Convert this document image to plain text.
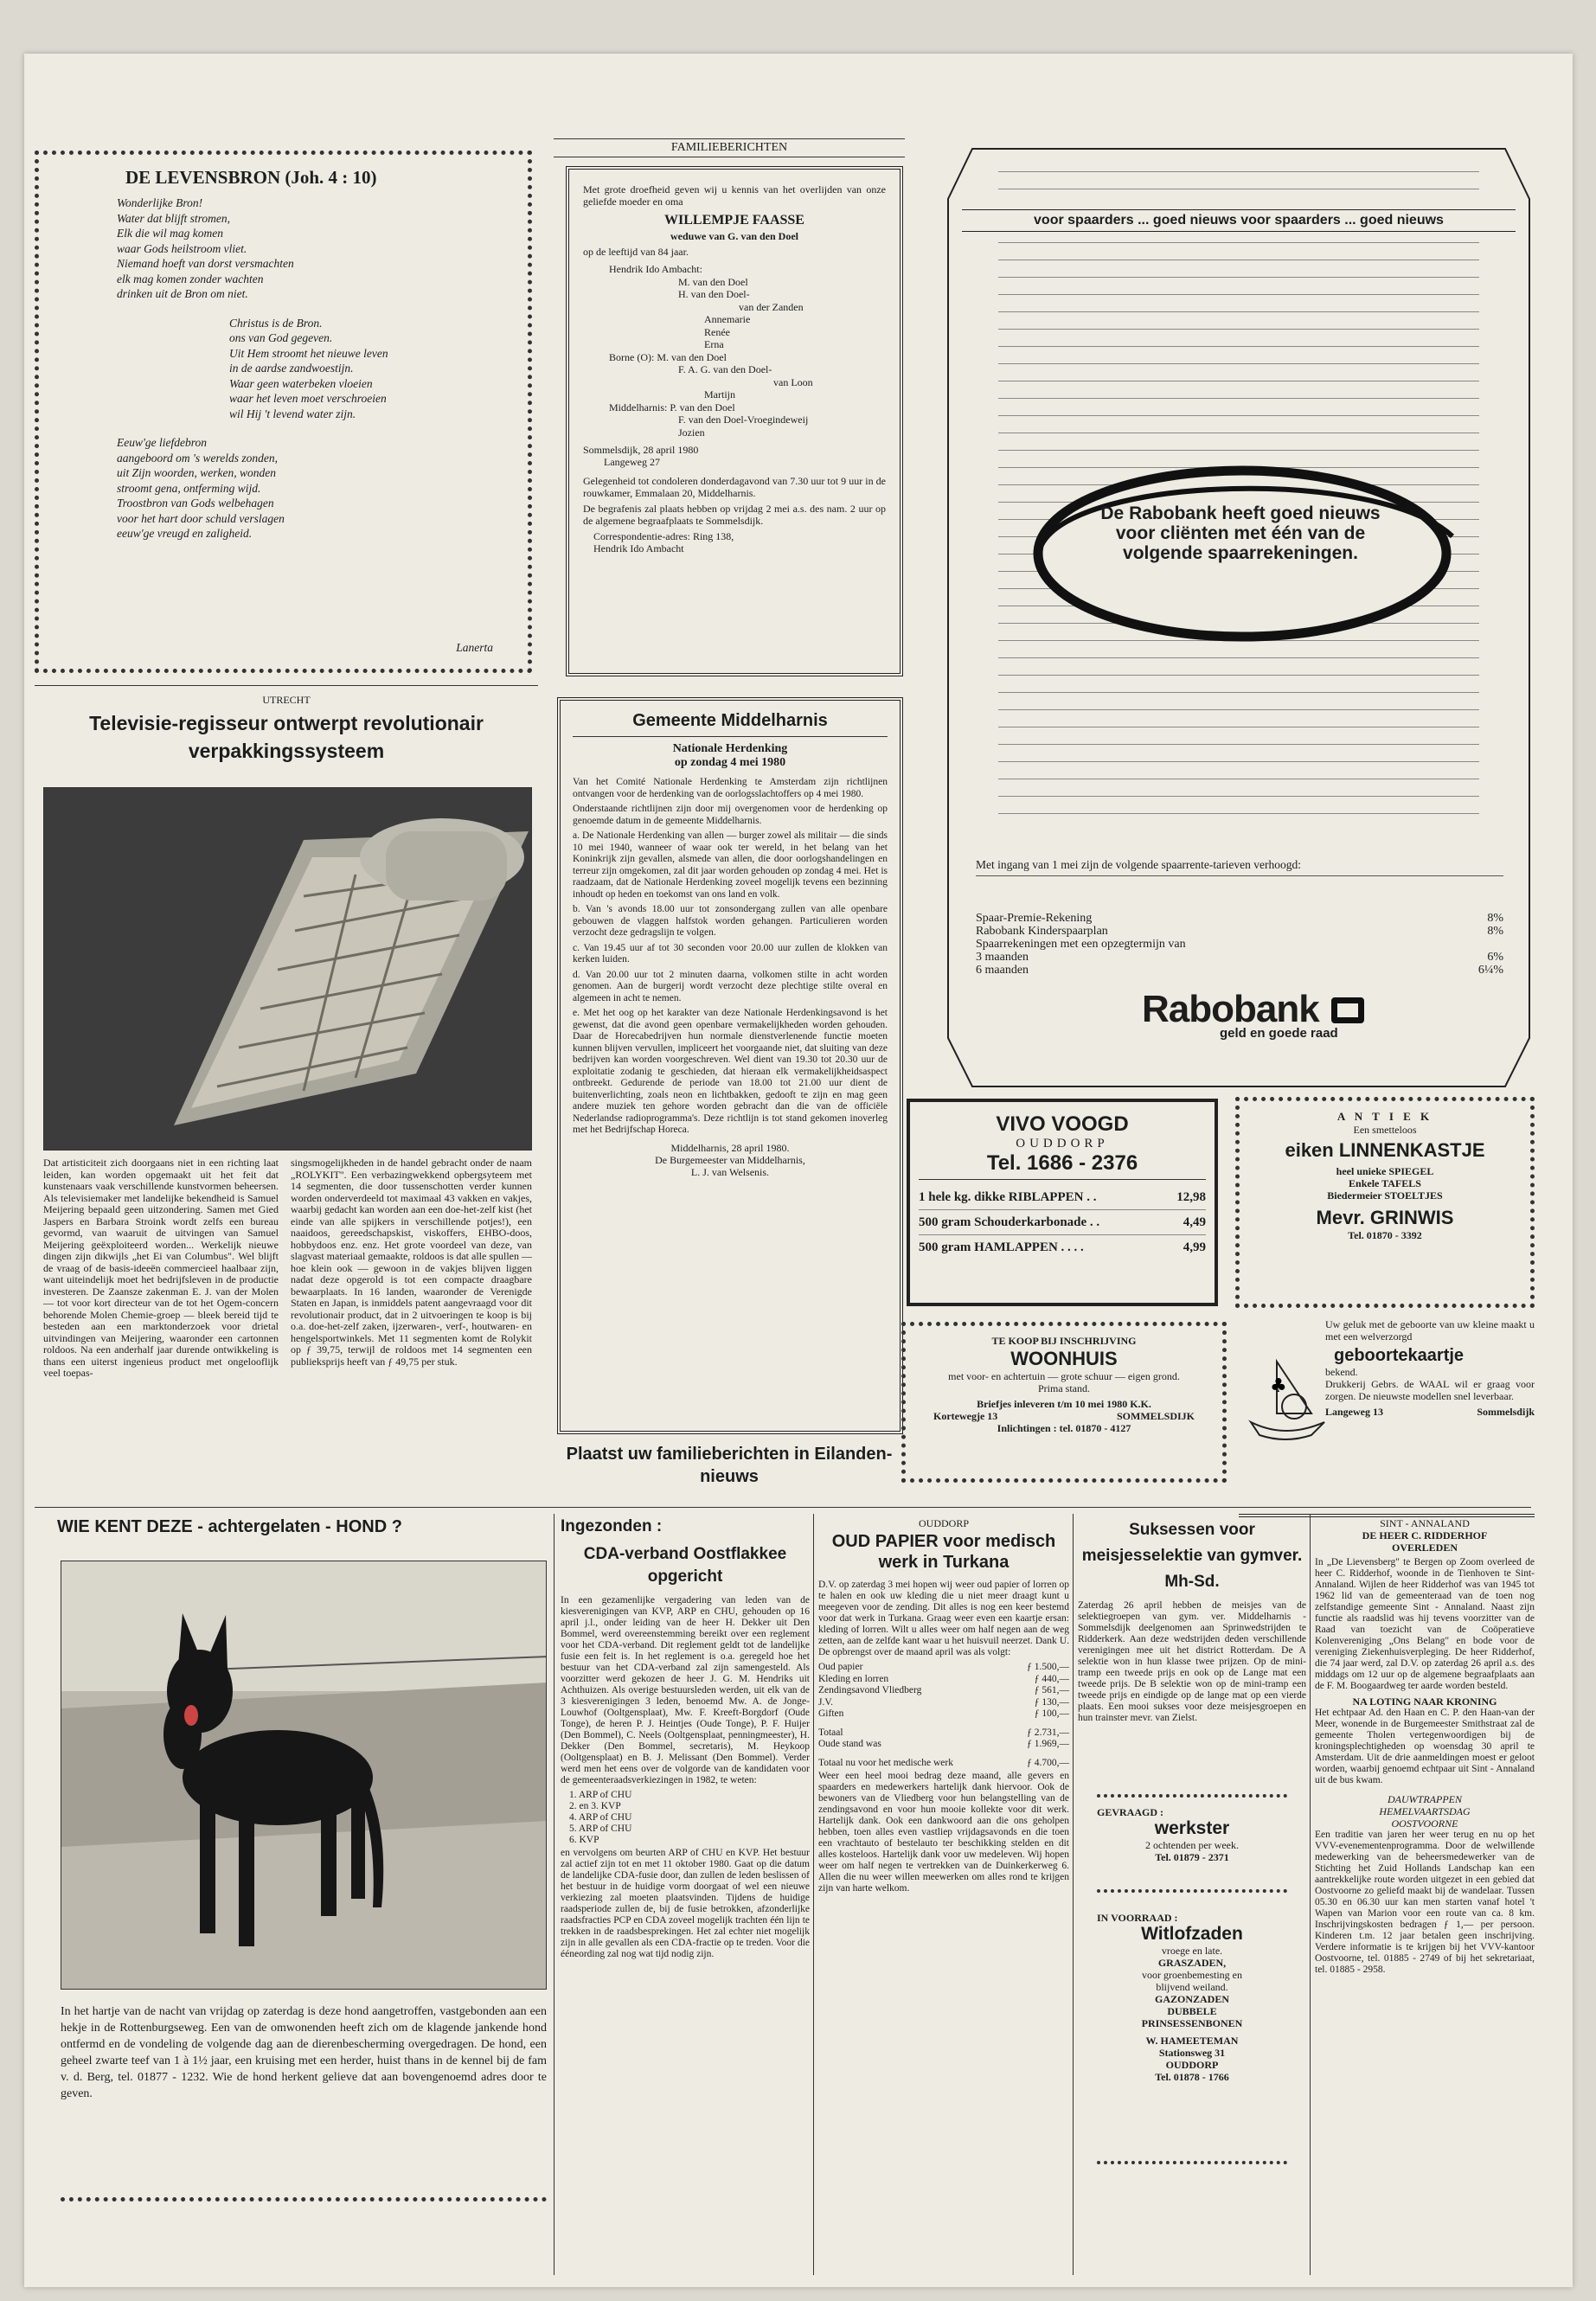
DE LEVENSBRON (Joh. 4 : 10)
Wonderlijke Bron!
Water dat blijft stromen,
Elk die wil mag komen
waar Gods heilstroom vliet.
Niemand hoeft van dorst versmachten
elk mag komen zonder wachten
drinken uit de Bron om niet.
Christus is de Bron.
ons van God gegeven.
Uit Hem stroomt het nieuwe leven
in de aardse zandwoestijn.
Waar geen waterbeken vloeien
waar het leven moet verschroeien
wil Hij 't levend water zijn.
Eeuw'ge liefdebron
aangeboord om 's werelds zonden,
uit Zijn woorden, werken, wonden
stroomt gena, ontferming wijd.
Troostbron van Gods welbehagen
voor het hart door schuld verslagen
eeuw'ge vreugd en zaligheid.
Lanerta
FAMILIEBERICHTEN
Met grote droefheid geven wij u kennis van het overlijden van onze geliefde moeder en oma
WILLEMPJE FAASSE
weduwe van G. van den Doel
op de leeftijd van 84 jaar.
Hendrik Ido Ambacht:
M. van den Doel
H. van den Doel-
van der Zanden
Annemarie
Renée
Erna
Borne (O): M. van den Doel
F. A. G. van den Doel-
van Loon
Martijn
Middelharnis: P. van den Doel
F. van den Doel-Vroegindeweij
Jozien
Sommelsdijk, 28 april 1980
Langeweg 27
Gelegenheid tot condoleren donderdagavond van 7.30 uur tot 9 uur in de rouwkamer, Emmalaan 20, Middelharnis.
De begrafenis zal plaats hebben op vrijdag 2 mei a.s. des nam. 2 uur op de algemene begraafplaats te Sommelsdijk.
Correspondentie-adres: Ring 138,
Hendrik Ido Ambacht
voor spaarders ... goed nieuws voor spaarders ... goed nieuws
De Rabobank heeft goed nieuws voor cliënten met één van de volgende spaarrekeningen.
Met ingang van 1 mei zijn de volgende spaarrente-tarieven verhoogd:
Spaar-Premie-Rekening	8%
Rabobank Kinderspaarplan	8%
Spaarrekeningen met een opzegtermijn van
3 maanden	6%
6 maanden	6¼%
Rabobank
geld en goede raad
UTRECHT
Televisie-regisseur ontwerpt revolutionair verpakkingssysteem
Dat artisticiteit zich doorgaans niet in een richting laat leiden, kan worden opgemaakt uit het feit dat kunstenaars vaak verschillende kunstvormen beheersen. Als televisiemaker met landelijke bekendheid is Samuel Meijering bepaald geen uitzondering. Samen met Gied Jaspers en Barbara Stroink wordt zelfs een bureau gevormd, van waaruit de uitvingen van Samuel Meijering geëxploiteerd worden... Werkelijk nieuwe dingen zijn dikwijls „het Ei van Columbus". Wel blijft de vraag of de basis-ideeën commercieel haalbaar zijn, want uiteindelijk moet het bedrijfsleven in de productie investeren. De Zaansze zakenman E. J. van der Molen — tot voor kort directeur van de tot het Ogem-concern behorende Molen Chemie-groep — bleek bereid tijd te besteden aan een marktonderzoek voor drietal uitvindingen van Meijering, waaronder een cartonnen roldoos. Na een anderhalf jaar durende ontwikkeling is thans een uiterst ingenieus product met ongelooflijk veel toepas-
singsmogelijkheden in de handel gebracht onder de naam „ROLYKIT". Een verbazingwekkend opbergsyteem met 14 segmenten, die door tussenschotten verder kunnen worden onderverdeeld tot maximaal 43 vakken en vakjes, waarbij gedacht kan worden aan een doe-het-zelf kist (het einde van alle spijkers in verschillende potjes!), een naaidoos, gereedschapskist, viskoffers, EHBO-doos, hobbydoos enz. enz. Het grote voordeel van deze, van slagvast materiaal gemaakte, roldoos is dat alle spullen — hoe klein ook — gewoon in de vakjes blijven liggen nadat deze opgerold is tot een compacte draagbare bewaarplaats. In 16 landen, waaronder de Verenigde Staten en Japan, is inmiddels patent aangevraagd voor dit revolutionair product, dat in 2 uitvoeringen te koop is bij o.a. doe-het-zelf zaken, ijzerwaren-, verf-, houtwaren- en hengelsportwinkels. Met 11 segmenten komt de Rolykit op ƒ 39,75, terwijl de roldoos met 14 segmenten een publieksprijs heeft van ƒ 49,75 per stuk.
Gemeente Middelharnis
Nationale Herdenking
op zondag 4 mei 1980
Van het Comité Nationale Herdenking te Amsterdam zijn richtlijnen ontvangen voor de herdenking van de oorlogsslachtoffers op 4 mei 1980.
Onderstaande richtlijnen zijn door mij overgenomen voor de herdenking op genoemde datum in de gemeente Middelharnis.
a. De Nationale Herdenking van allen — burger zowel als militair — die sinds 10 mei 1940, wanneer of waar ook ter wereld, in het belang van het Koninkrijk zijn gevallen, alsmede van allen, die door oorlogshandelingen en terreur zijn omgekomen, zal dit jaar worden gehouden op zondag 4 mei. Het is raadzaam, dat de Nationale Herdenking zoveel mogelijk tevens een bezinning inhoudt op heden en toekomst van ons land en volk.
b. Van 's avonds 18.00 uur tot zonsondergang zullen van alle openbare gebouwen de vlaggen halfstok worden gehangen. Particulieren worden verzocht deze gedragslijn te volgen.
c. Van 19.45 uur af tot 30 seconden voor 20.00 uur zullen de klokken van kerken luiden.
d. Van 20.00 uur tot 2 minuten daarna, volkomen stilte in acht worden genomen. Aan de burgerij wordt verzocht deze plechtige stilte overal en algemeen in acht te nemen.
e. Met het oog op het karakter van deze Nationale Herdenkingsavond is het gewenst, dat die avond geen openbare vermakelijkheden worden gehouden. Daar de Horecabedrijven hun normale dienstverlenende functie moeten kunnen blijven vervullen, impliceert het voorgaande niet, dat sluiting van deze bedrijven kan worden voorgeschreven. Wel dient van 19.30 tot 20.30 uur de exploitatie zodanig te geschieden, dat hieraan elk vermakelijkheidsaspect ontbreekt. Gedurende de periode van 18.00 tot 21.00 uur dient de buitenverlichting, zoals neon en lichtbakken, gedooft te zijn en mag geen andere muziek ten gehore worden gebracht dan die van de officiële Nederlandse radioprogramma's. Deze richtlijn is tot stand gekomen inoverleg met het Bedrijfschap Horeca.
Middelharnis, 28 april 1980.
De Burgemeester van Middelharnis,
L. J. van Welsenis.
Plaatst uw familieberichten in Eilanden-nieuws
VIVO VOOGD
OUDDORP
Tel. 1686 - 2376
1 hele kg. dikke RIBLAPPEN . .	12,98
500 gram Schouderkarbonade . .	4,49
500 gram HAMLAPPEN . . . .	4,99
A N T I E K
Een smetteloos
eiken LINNENKASTJE
heel unieke SPIEGEL
Enkele TAFELS
Biedermeier STOELTJES
Mevr. GRINWIS
Tel. 01870 - 3392
TE KOOP BIJ INSCHRIJVING
WOONHUIS
met voor- en achtertuin — grote schuur — eigen grond.
Prima stand.
Briefjes inleveren t/m 10 mei 1980 K.K.
Kortewegje 13	SOMMELSDIJK
Inlichtingen : tel. 01870 - 4127
♣
Uw geluk met de geboorte van uw kleine maakt u met een welverzorgd
geboortekaartje
bekend.
Drukkerij Gebrs. de WAAL wil er graag voor zorgen. De nieuwste modellen snel leverbaar.
Langeweg 13	Sommelsdijk
WIE KENT DEZE - achtergelaten - HOND ?
In het hartje van de nacht van vrijdag op zaterdag is deze hond aangetroffen, vastgebonden aan een hekje in de Rottenburgseweg. Een van de omwonenden heeft zich om de klagende jankende hond ontfermd en de vondeling de volgende dag aan de dierenbescherming overgedragen. De hond, een geheel zwarte teef van 1 à 1½ jaar, een kruising met een herder, huist thans in de kennel bij de fam v. d. Berg, tel. 01877 - 1232. Wie de hond herkent gelieve dat aan bovengenoemd adres door te geven.
Ingezonden :
CDA-verband Oostflakkee opgericht
In een gezamenlijke vergadering van leden van de kiesverenigingen van KVP, ARP en CHU, gehouden op 16 april j.l., onder leiding van de heer H. Dekker uit Den Bommel, werd overeenstemming bereikt over een reglement voor het CDA-verband. Dit reglement geldt tot de landelijke fusie een feit is. In het reglement is o.a. geregeld hoe het bestuur van het CDA-verband zal zijn samengesteld. Als voorzitter werd gekozen de heer J. G. M. Hendriks uit Achthuizen. Als overige bestuursleden werden, uit elk van de 3 kiesverenigingen 3 leden, benoemd Mw. A. de Jonge-Louwhof (Ooltgensplaat), Mw. F. Kreeft-Borgdorf (Oude Tonge), de heren P. J. Heintjes (Oude Tonge), P. F. Huijer (Den Bommel), C. Neels (Ooltgensplaat, penningmeester), H. Dekker (Den Bommel, secretaris), M. Heykoop (Ooltgensplaat) en B. J. Melissant (Den Bommel). Verder werd men het eens over de volgorde van de kandidaten voor de gemeenteraadsverkiezingen in 1982, te weten:
1. ARP of CHU
2. en 3. KVP
4. ARP of CHU
5. ARP of CHU
6. KVP
en vervolgens om beurten ARP of CHU en KVP. Het bestuur zal actief zijn tot en met 11 oktober 1980. Gaat op die datum de landelijke CDA-fusie door, dan zullen de leden beslissen of het bestuur in de huidige vorm doorgaat of wel een nieuwe verkiezing zal moeten plaatsvinden. Tijdens de huidige raadsperiode zullen de, bij de fusie betrokken, afzonderlijke raadsfracties PCP en CDA zoveel mogelijk trachten één lijn te trekken in de raadsbesprekingen. Het zal echter niet mogelijk zijn in alle gevallen als een CDA-fractie op te treden. Voor die ééneording zal nog wat tijd nodig zijn.
OUDDORP
OUD PAPIER voor medisch werk in Turkana
D.V. op zaterdag 3 mei hopen wij weer oud papier of lorren op te halen en ook uw kleding die u niet meer draagt kunt u meegeven voor de zending. Dit alles is nog een keer bestemd voor dat werk in Turkana. Graag weer even een kaartje ersan: kleding of lorren. Wilt u alles weer om half negen aan de weg zetten, aan de zelfde kant waar u het huisvuil neerzet. Dank U. De opbrengst over de maand april was als volgt:
Oud papier	ƒ 1.500,—
Kleding en lorren	ƒ 440,—
Zendingsavond Vliedberg	ƒ 561,—
J.V.	ƒ 130,—
Giften	ƒ 100,—
Totaal	ƒ 2.731,—
Oude stand was	ƒ 1.969,—
Totaal nu voor het medische werk	ƒ 4.700,—
Weer een heel mooi bedrag deze maand, alle gevers en spaarders en medewerkers hartelijk dank hiervoor. Ook de bewoners van de Vliedberg voor hun belangstelling van de zendingsavond en voor hun mooie kollekte voor dit werk. Hartelijk dank. Ook een dankwoord aan die ons geholpen hebben, toen alles even vastliep vrijdagsavonds en die toen een vrachtauto of bestelauto ter beschikking stelden en dit alles kosteloos. Hartelijk dank voor uw medeleven. Wij hopen weer om half negen te vertrekken van de Duinkerkerweg 6. Allen die nu weer willen meewerken om alles rond te krijgen zijn van harte welkom.
Suksessen voor meisjesselektie van gymver. Mh-Sd.
Zaterdag 26 april hebben de meisjes van de selektiegroepen van gym. ver. Middelharnis - Sommelsdijk deelgenomen aan Sprinwedstrijden te Ridderkerk. Aan deze wedstrijden deden verschillende verenigingen mee uit het district Rotterdam. De A selektie won in hun klasse twee prijzen. Op de mini-tramp een tweede prijs en ook op de Lange mat een tweede prijs. De B selektie won op de mini-tramp een tweede prijs en eindigde op de lange mat op een vierde plaats. Een mooi sukses voor deze meisjesgroepen en hun trainster mevr. van Zielst.
GEVRAAGD :
werkster
2 ochtenden per week.
Tel. 01879 - 2371
IN VOORRAAD :
Witlofzaden
vroege en late.
GRASZADEN,
voor groenbemesting en
blijvend weiland.
GAZONZADEN
DUBBELE
PRINSESSENBONEN
W. HAMEETEMAN
Stationsweg 31
OUDDORP
Tel. 01878 - 1766
SINT - ANNALAND
DE HEER C. RIDDERHOF
OVERLEDEN
In „De Lievensberg" te Bergen op Zoom overleed de heer C. Ridderhof, woonde in de Tienhoven te Sint-Annaland. Wijlen de heer Ridderhof was van 1945 tot 1962 lid van de gemeenteraad van de toen nog zelfstandige gemeente Sint - Annaland. Naast zijn functie als raadslid was hij tevens voorzitter van de Raad van toezicht van de Coöperatieve Kolenvereniging „Ons Belang" en bode voor de vereniging Ziekenhuisverpleging. De heer Ridderhof, die 74 jaar werd, zal D.V. op zaterdag 26 april a.s. des middags om 12 uur op de algemene begraafplaats aan de F. M. Boogaardweg ter aarde worden besteld.
NA LOTING NAAR KRONING
Het echtpaar Ad. den Haan en C. P. den Haan-van der Meer, wonende in de Burgemeester Smithstraat zal de gemeente Tholen vertegenwoordigen bij de kroningsplechtigheden op woensdag 30 april te Amsterdam. Uit de drie aanmeldingen moest er geloot worden, waarbij genoemd echtpaar uit Sint - Annaland uit de bus kwam.
DAUWTRAPPEN
HEMELVAARTSDAG
OOSTVOORNE
Een traditie van jaren her weer terug en nu op het VVV-evenementenprogramma. Door de welwillende medewerking van de beheersmedewerker van de Stichting het Zuid Hollands Landschap kan een aantrekkelijke route worden uitgezet in een gebied dat Oostvoorne zo geliefd maakt bij de wandelaar. Tussen 05.30 en 06.30 uur kan men starten vanaf hotel 't Wapen van Marion voor een route van ca. 8 km. Inschrijvingskosten bedragen ƒ 1,— per persoon. Kinderen t.m. 12 jaar betalen geen inschrijving. Verdere informatie is te krijgen bij het VVV-kantoor Oostvoorne, tel. 01885 - 2749 of bij het sekretariaat, tel. 01885 - 2958.
